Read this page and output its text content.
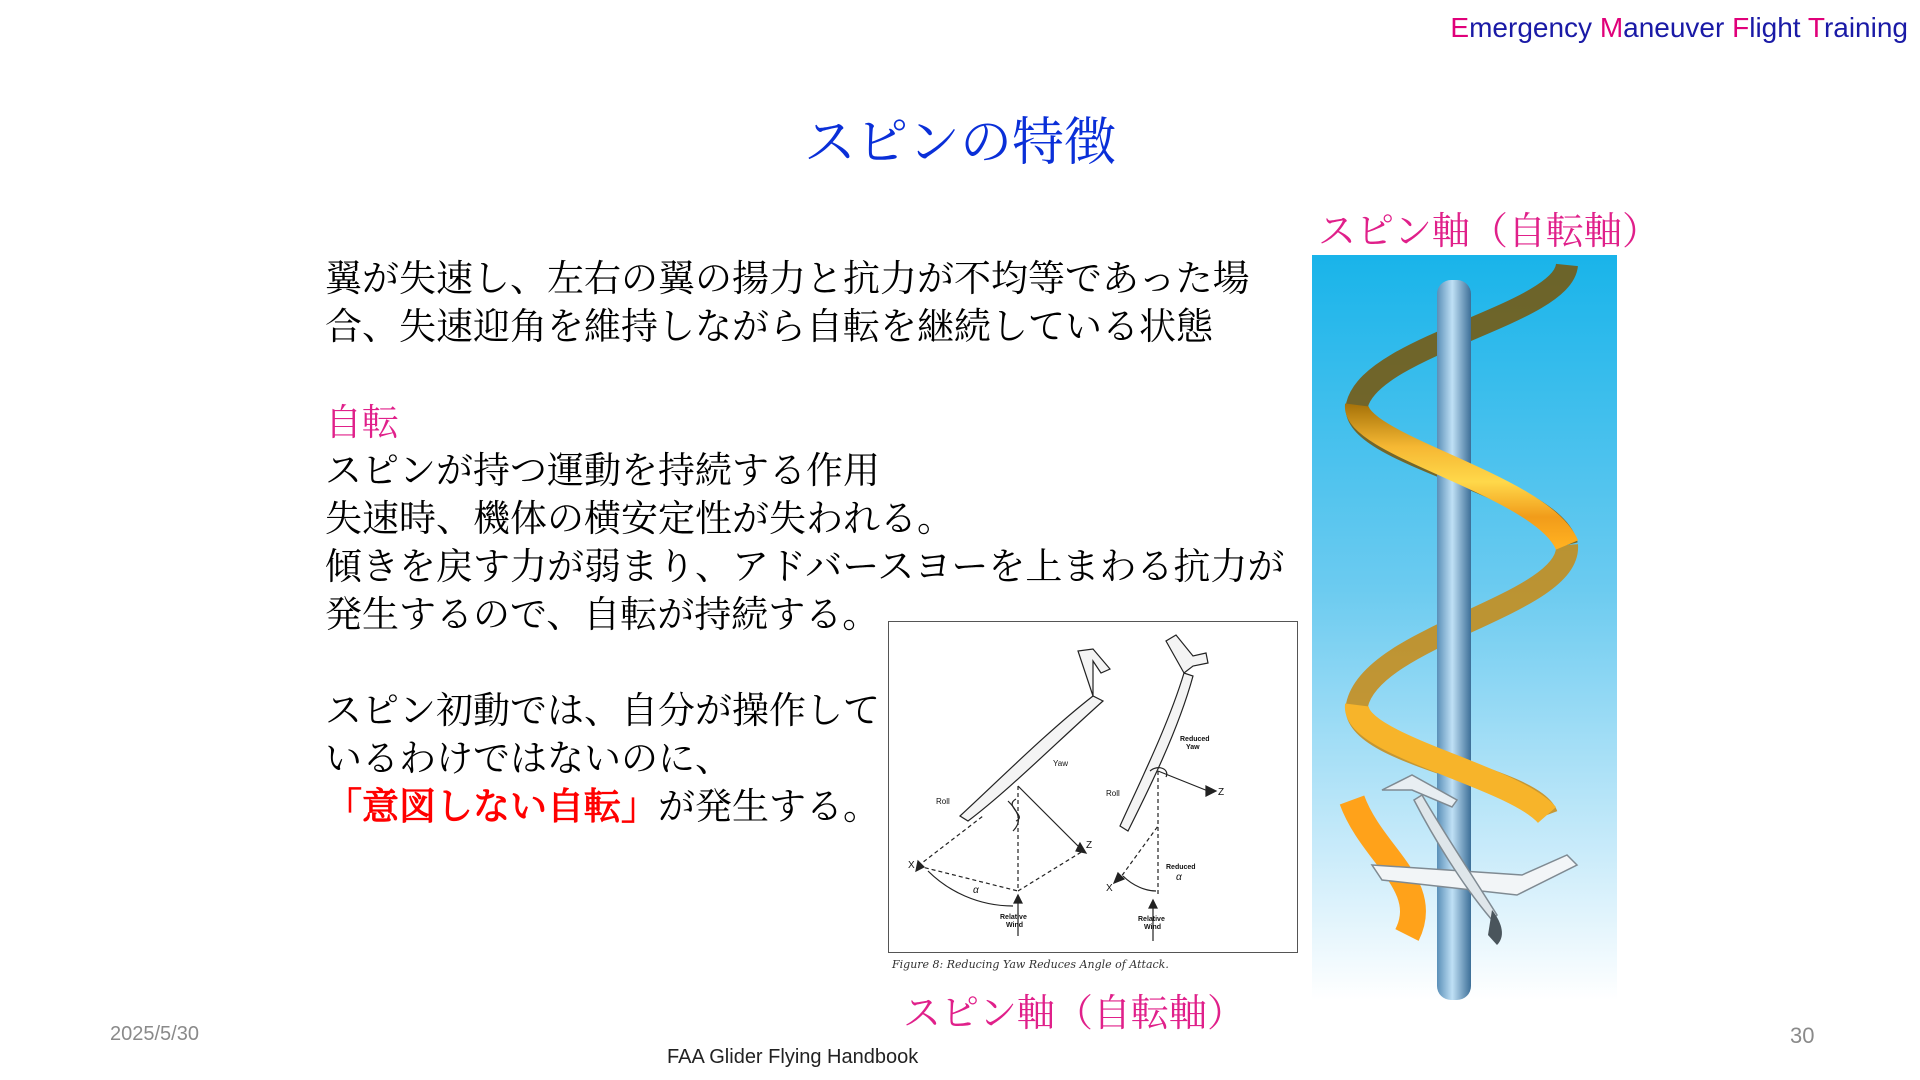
Emergency Maneuver Flight Training
スピンの特徴

翼が失速し、左右の翼の揚力と抗力が不均等であった場

合、失速迎角を維持しながら自転を継続している状態

自転

スピンが持つ運動を持続する作用

失速時、機体の横安定性が失われる。

傾きを戻す力が弱まり、アドバースヨーを上まわる抗力が

発生するので、自転が持続する。

スピン初動では、自分が操作して

いるわけではないのに、

「意図しない自転」が発生する。

スピン軸（自転軸）
Yaw
Roll
Z
X
α
Relative
Wind
Reduced
Yaw
Roll	Z
Reduced
α
X
Relative
Wind
Figure 8: Reducing Yaw Reduces Angle of Attack.
スピン軸（自転軸）
2025/5/30
FAA Glider Flying Handbook
30
